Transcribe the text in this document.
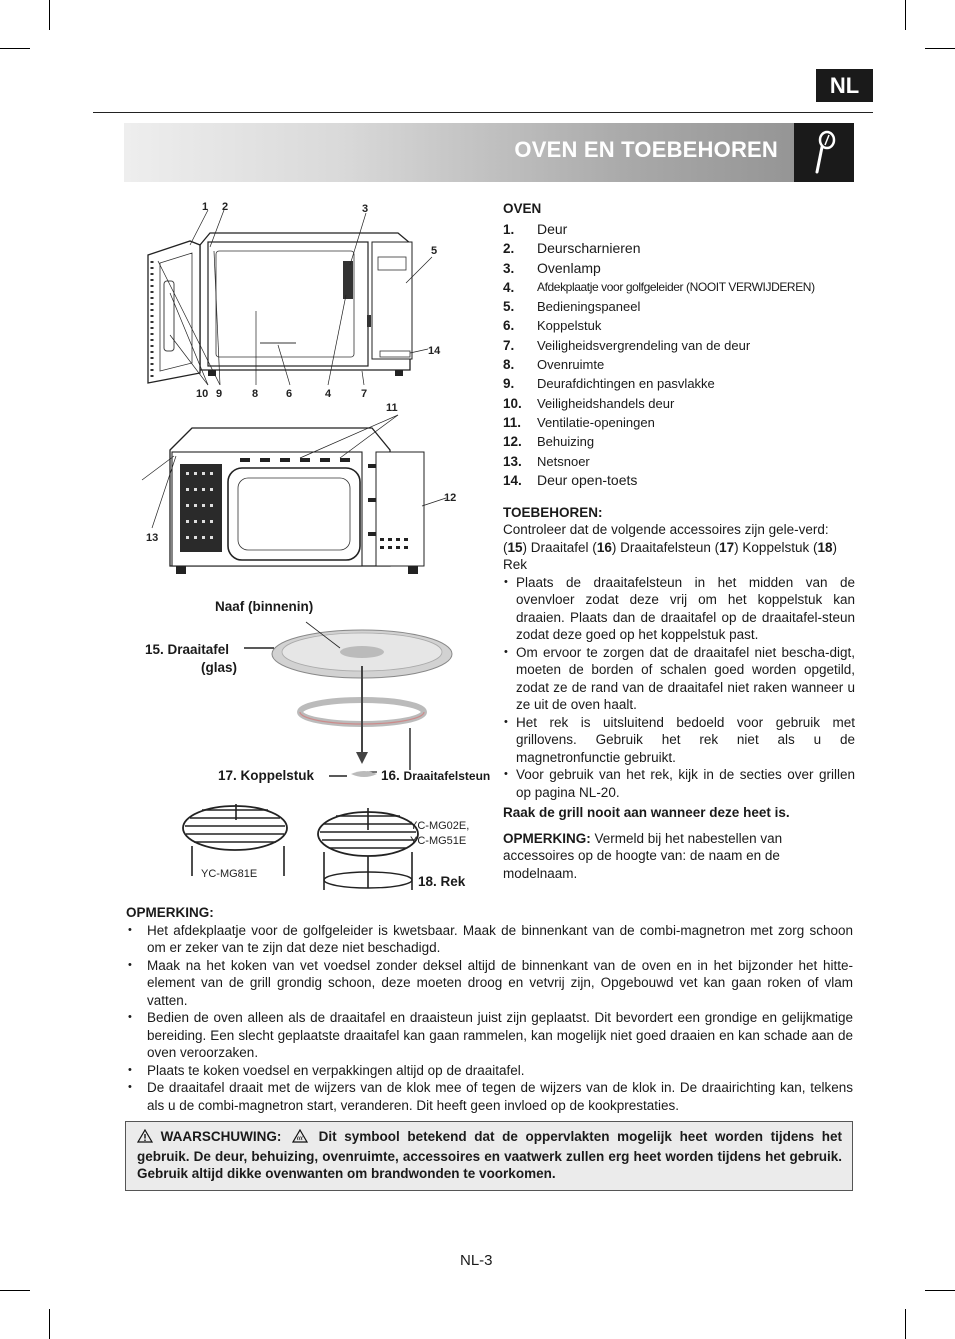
NL
OVEN EN TOEBEHOREN
1 2	3
5
14
10 9	8	6	4	7
11
12
13
Naaf (binnenin)
15. Draaitafel
(glas)
17. Koppelstuk	16. Draaitafelsteun
YC-MG81E
YC-MG02E,
YC-MG51E
18. Rek
OVEN
1. Deur
2. Deurscharnieren
3. Ovenlamp
4. Afdekplaatje voor golfgeleider (NOOIT VERWIJDEREN)
5. Bedieningspaneel
6. Koppelstuk
7. Veiligheidsvergrendeling van de deur
8. Ovenruimte
9. Deurafdichtingen en pasvlakke
10. Veiligheidshandels deur
11. Ventilatie-openingen
12. Behuizing
13. Netsnoer
14. Deur open-toets
TOEBEHOREN:
Controleer dat de volgende accessoires zijn gele-verd:
(15) Draaitafel (16) Draaitafelsteun (17) Koppelstuk (18) Rek
• Plaats de draaitafelsteun in het midden van de ovenvloer zodat deze vrij om het koppelstuk kan draaien. Plaats dan de draaitafel op de draaitafel-steun zodat deze goed op het koppelstuk past.
• Om ervoor te zorgen dat de draaitafel niet bescha-digt, moeten de borden of schalen goed worden opgetild, zodat ze de rand van de draaitafel niet raken wanneer u ze uit de oven haalt.
• Het rek is uitsluitend bedoeld voor gebruik met grillovens. Gebruik het rek niet als u de magnetronfunctie gebruikt.
• Voor gebruik van het rek, kijk in de secties over grillen op pagina NL-20.
Raak de grill nooit aan wanneer deze heet is.
OPMERKING: Vermeld bij het nabestellen van accessoires op de hoogte van: de naam en de modelnaam.
OPMERKING:
• Het afdekplaatje voor de golfgeleider is kwetsbaar. Maak de binnenkant van de combi-magnetron met zorg schoon om er zeker van te zijn dat deze niet beschadigd.
• Maak na het koken van vet voedsel zonder deksel altijd de binnenkant van de oven en in het bijzonder het hitte-element van de grill grondig schoon, deze moeten droog en vetvrij zijn, Opgebouwd vet kan gaan roken of vlam vatten.
• Bedien de oven alleen als de draaitafel en draaisteun juist zijn geplaatst. Dit bevordert een grondige en gelijkmatige bereiding. Een slecht geplaatste draaitafel kan gaan rammelen, kan mogelijk niet goed draaien en kan schade aan de oven veroorzaken.
• Plaats te koken voedsel en verpakkingen altijd op de draaitafel.
• De draaitafel draait met de wijzers van de klok mee of tegen de wijzers van de klok in. De draairichting kan, telkens als u de combi-magnetron start, veranderen. Dit heeft geen invloed op de kookprestaties.
WAARSCHUWING:	Dit symbool betekend dat de oppervlakten mogelijk heet worden tijdens het gebruik. De deur, behuizing, ovenruimte, accessoires en vaatwerk zullen erg heet worden tijdens het gebruik. Gebruik altijd dikke ovenwanten om brandwonden te voorkomen.
NL-3
